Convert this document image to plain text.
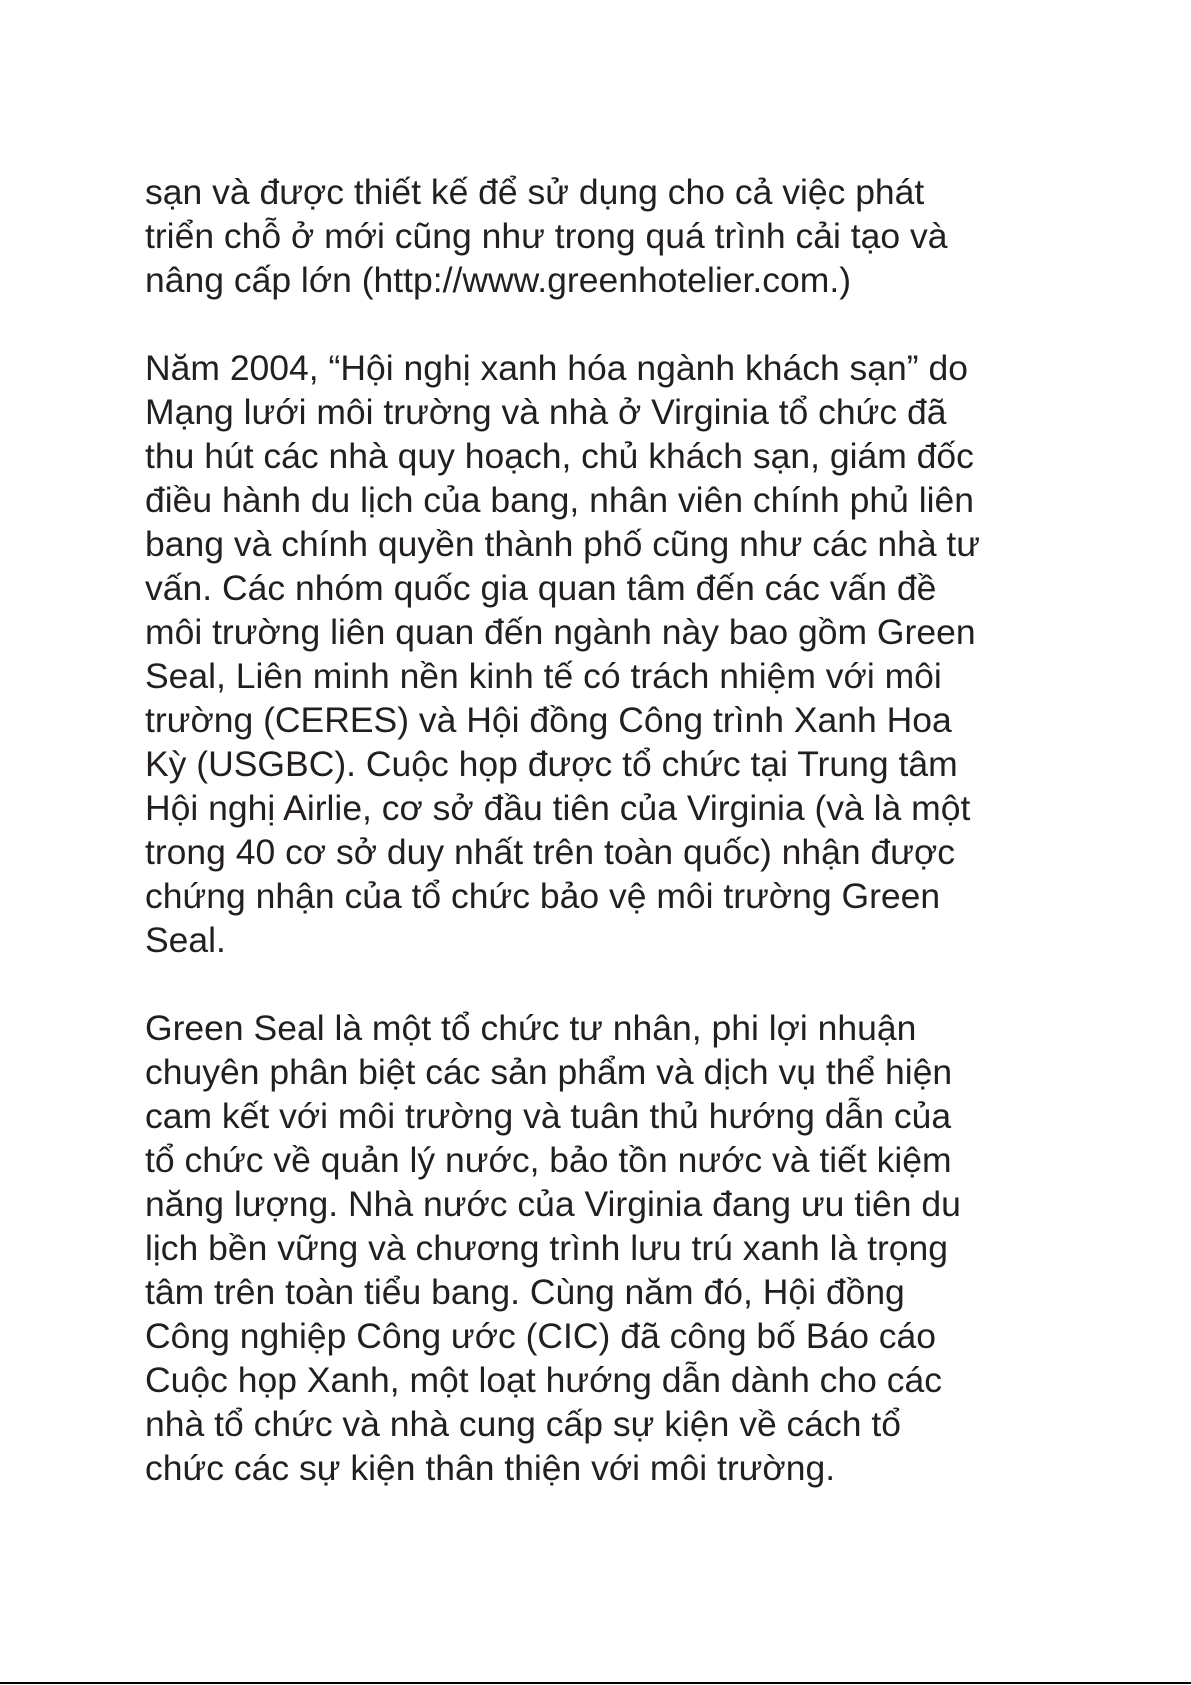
sạn và được thiết kế để sử dụng cho cả việc phát
triển chỗ ở mới cũng như trong quá trình cải tạo và
nâng cấp lớn (http://www.greenhotelier.com.)

Năm 2004, “Hội nghị xanh hóa ngành khách sạn” do
Mạng lưới môi trường và nhà ở Virginia tổ chức đã
thu hút các nhà quy hoạch, chủ khách sạn, giám đốc
điều hành du lịch của bang, nhân viên chính phủ liên
bang và chính quyền thành phố cũng như các nhà tư
vấn. Các nhóm quốc gia quan tâm đến các vấn đề
môi trường liên quan đến ngành này bao gồm Green
Seal, Liên minh nền kinh tế có trách nhiệm với môi
trường (CERES) và Hội đồng Công trình Xanh Hoa
Kỳ (USGBC). Cuộc họp được tổ chức tại Trung tâm
Hội nghị Airlie, cơ sở đầu tiên của Virginia (và là một
trong 40 cơ sở duy nhất trên toàn quốc) nhận được
chứng nhận của tổ chức bảo vệ môi trường Green
Seal.

Green Seal là một tổ chức tư nhân, phi lợi nhuận
chuyên phân biệt các sản phẩm và dịch vụ thể hiện
cam kết với môi trường và tuân thủ hướng dẫn của
tổ chức về quản lý nước, bảo tồn nước và tiết kiệm
năng lượng. Nhà nước của Virginia đang ưu tiên du
lịch bền vững và chương trình lưu trú xanh là trọng
tâm trên toàn tiểu bang. Cùng năm đó, Hội đồng
Công nghiệp Công ước (CIC) đã công bố Báo cáo
Cuộc họp Xanh, một loạt hướng dẫn dành cho các
nhà tổ chức và nhà cung cấp sự kiện về cách tổ
chức các sự kiện thân thiện với môi trường.
